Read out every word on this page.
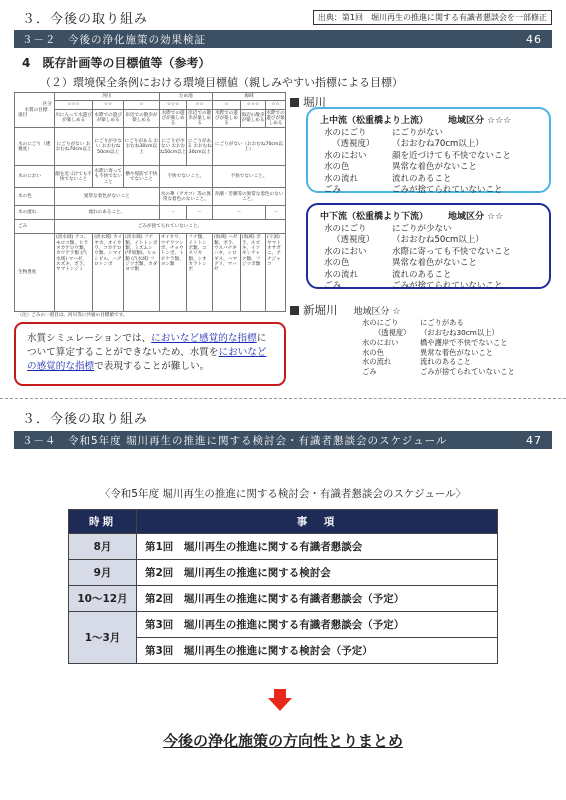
３．今後の取り組み	出典：第1回　堀川再生の推進に関する有識者懇談会を一部修正
３－２　今後の浄化施策の効果検証	46
4　既存計画等の目標値等（参考）
（２）環境保全条例における環境目標値（親しみやすい指標による目標）
区分
水質の目標
項目	河川			ため池		海域		
	☆☆☆	☆☆	☆	☆☆☆	☆☆	☆	☆☆☆	☆☆
	川に入って水遊びが楽しめる	水際での遊びが楽しめる	岸辺での散歩が楽しめる	水際での遊びが楽しめる	岸辺での散歩が楽しめる	水際での遊びが楽しめる	海辺の散歩が楽しめる	水際での遊びが楽しめる
水のにごり（透視度）	にごりがない おおむね70cm以上	にごりが少ない おおむね50cm以上	にごりがある おおむね30cm以上	にごりが少ない おおむね50cm以上	にごりがある おおむね30cm以上	にごりがない（おおむね70cm以上）		
水のにおい	顔を近づけても不快でないこと	水際に寄っても不快でないこと	横や堤防で不快でないこと	不快でないこと。		不快でないこと。		
水の色	異常な着色がないこと			水の華（アオコ）等の異常な着色のないこと。		赤潮・苦潮等の異常な着色のないこと。		
水の流れ	流れのあること。			－	－	－		－
ごみ	ごみが捨てられていないこと。							
生物豊度	(淡水域) アユ、モロコ類、ヒラタカゲロウ類、カワゲラ類 (汽水域) マハゼ、スズキ、ボラ、ヤマトシジミ	(淡水域) カイヤカ、オイカワ、コカゲロウ類、シマイシビル、ハグロトンボ	(淡水域) フナ類、イトトンボ類、ミズムシ(甲殻類)、ヒル類 (汽水域) フジツボ類、カダヨウ類	オイカワ、ウチワツンボ、チョウトンボ、トビケラ類、ヨシ類	フナ類、イトトンボ類、ユスリカ類、シオカラトンボ	(海域) ハゼ類、ボラ、ウスバナギハタ、シロギス、ハマグリ、マハゼ	(海域) ボラ、スズキ、イソギンチャク類、フジツボ類	(干潟) ヤマトオサガニ、アナジャコ
（注）ごみの一項目は、河川等に共通の目標値です。								
水質シミュレーションでは、においなど感覚的な指標について算定することができないため、水質をにおいなどの感覚的な指標で表現することが難しい。
堀川
上中流（松重橋より上流） 地域区分 ☆☆☆
水のにごり	にごりがない
（透視度）	（おおむね70cm以上）
水のにおい	顔を近づけても不快でないこと
水の色	異常な着色がないこと
水の流れ	流れのあること
ごみ	ごみが捨てられていないこと
中下流（松重橋より下流） 地域区分 ☆☆
水のにごり	にごりが少ない
（透視度）	（おおむね50cm以上）
水のにおい	水際に寄っても不快でないこと
水の色	異常な着色がないこと
水の流れ	流れのあること
ごみ	ごみが捨てられていないこと
新堀川 地域区分 ☆
水のにごり	にごりがある
（透視度）	（おおむね30cm以上）
水のにおい	橋や護岸で不快でないこと
水の色	異常な着色がないこと
水の流れ	流れのあること
ごみ	ごみが捨てられていないこと
３．今後の取り組み
３－４　令和5年度 堀川再生の推進に関する検討会・有識者懇談会のスケジュール	47
〈令和5年度 堀川再生の推進に関する検討会・有識者懇談会のスケジュール〉
時期	事　項
8月	第1回　堀川再生の推進に関する有識者懇談会
9月	第2回　堀川再生の推進に関する検討会
10～12月	第2回　堀川再生の推進に関する有識者懇談会（予定）
1～3月	第3回　堀川再生の推進に関する有識者懇談会（予定）
	第3回　堀川再生の推進に関する検討会（予定）
今後の浄化施策の方向性とりまとめ
